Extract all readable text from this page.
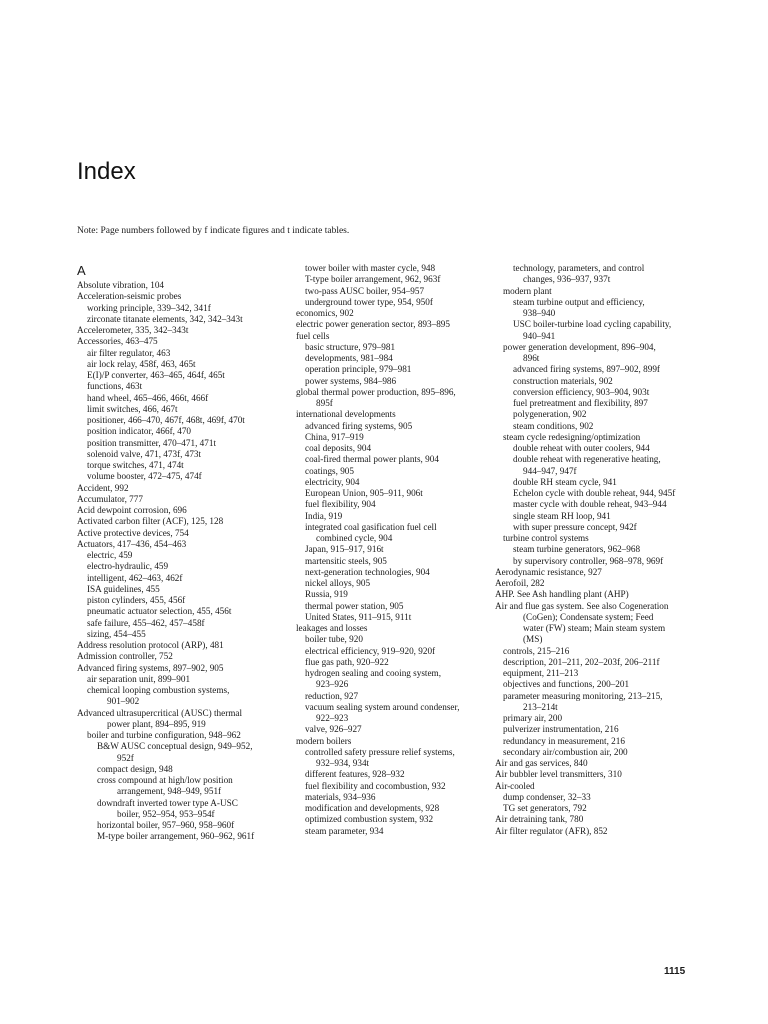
Index
Note: Page numbers followed by f indicate figures and t indicate tables.
A
Absolute vibration, 104
Acceleration-seismic probes
working principle, 339–342, 341f
zirconate titanate elements, 342, 342–343t
Accelerometer, 335, 342–343t
Accessories, 463–475
air filter regulator, 463
air lock relay, 458f, 463, 465t
E(I)/P converter, 463–465, 464f, 465t
functions, 463t
hand wheel, 465–466, 466t, 466f
limit switches, 466, 467t
positioner, 466–470, 467f, 468t, 469f, 470t
position indicator, 466f, 470
position transmitter, 470–471, 471t
solenoid valve, 471, 473f, 473t
torque switches, 471, 474t
volume booster, 472–475, 474f
Accident, 992
Accumulator, 777
Acid dewpoint corrosion, 696
Activated carbon filter (ACF), 125, 128
Active protective devices, 754
Actuators, 417–436, 454–463
electric, 459
electro-hydraulic, 459
intelligent, 462–463, 462f
ISA guidelines, 455
piston cylinders, 455, 456f
pneumatic actuator selection, 455, 456t
safe failure, 455–462, 457–458f
sizing, 454–455
Address resolution protocol (ARP), 481
Admission controller, 752
Advanced firing systems, 897–902, 905
air separation unit, 899–901
chemical looping combustion systems,
901–902
Advanced ultrasupercritical (AUSC) thermal
power plant, 894–895, 919
boiler and turbine configuration, 948–962
B&W AUSC conceptual design, 949–952,
952f
compact design, 948
cross compound at high/low position
arrangement, 948–949, 951f
downdraft inverted tower type A-USC
boiler, 952–954, 953–954f
horizontal boiler, 957–960, 958–960f
M-type boiler arrangement, 960–962, 961f
tower boiler with master cycle, 948
T-type boiler arrangement, 962, 963f
two-pass AUSC boiler, 954–957
underground tower type, 954, 950f
economics, 902
electric power generation sector, 893–895
fuel cells
basic structure, 979–981
developments, 981–984
operation principle, 979–981
power systems, 984–986
global thermal power production, 895–896,
895f
international developments
advanced firing systems, 905
China, 917–919
coal deposits, 904
coal-fired thermal power plants, 904
coatings, 905
electricity, 904
European Union, 905–911, 906t
fuel flexibility, 904
India, 919
integrated coal gasification fuel cell
combined cycle, 904
Japan, 915–917, 916t
martensitic steels, 905
next-generation technologies, 904
nickel alloys, 905
Russia, 919
thermal power station, 905
United States, 911–915, 911t
leakages and losses
boiler tube, 920
electrical efficiency, 919–920, 920f
flue gas path, 920–922
hydrogen sealing and cooing system,
923–926
reduction, 927
vacuum sealing system around condenser,
922–923
valve, 926–927
modern boilers
controlled safety pressure relief systems,
932–934, 934t
different features, 928–932
fuel flexibility and cocombustion, 932
materials, 934–936
modification and developments, 928
optimized combustion system, 932
steam parameter, 934
technology, parameters, and control
changes, 936–937, 937t
modern plant
steam turbine output and efficiency,
938–940
USC boiler-turbine load cycling capability,
940–941
power generation development, 896–904,
896t
advanced firing systems, 897–902, 899f
construction materials, 902
conversion efficiency, 903–904, 903t
fuel pretreatment and flexibility, 897
polygeneration, 902
steam conditions, 902
steam cycle redesigning/optimization
double reheat with outer coolers, 944
double reheat with regenerative heating,
944–947, 947f
double RH steam cycle, 941
Echelon cycle with double reheat, 944, 945f
master cycle with double reheat, 943–944
single steam RH loop, 941
with super pressure concept, 942f
turbine control systems
steam turbine generators, 962–968
by supervisory controller, 968–978, 969f
Aerodynamic resistance, 927
Aerofoil, 282
AHP. See Ash handling plant (AHP)
Air and flue gas system. See also Cogeneration
(CoGen); Condensate system; Feed
water (FW) steam; Main steam system
(MS)
controls, 215–216
description, 201–211, 202–203f, 206–211f
equipment, 211–213
objectives and functions, 200–201
parameter measuring monitoring, 213–215,
213–214t
primary air, 200
pulverizer instrumentation, 216
redundancy in measurement, 216
secondary air/combustion air, 200
Air and gas services, 840
Air bubbler level transmitters, 310
Air-cooled
dump condenser, 32–33
TG set generators, 792
Air detraining tank, 780
Air filter regulator (AFR), 852
1115
